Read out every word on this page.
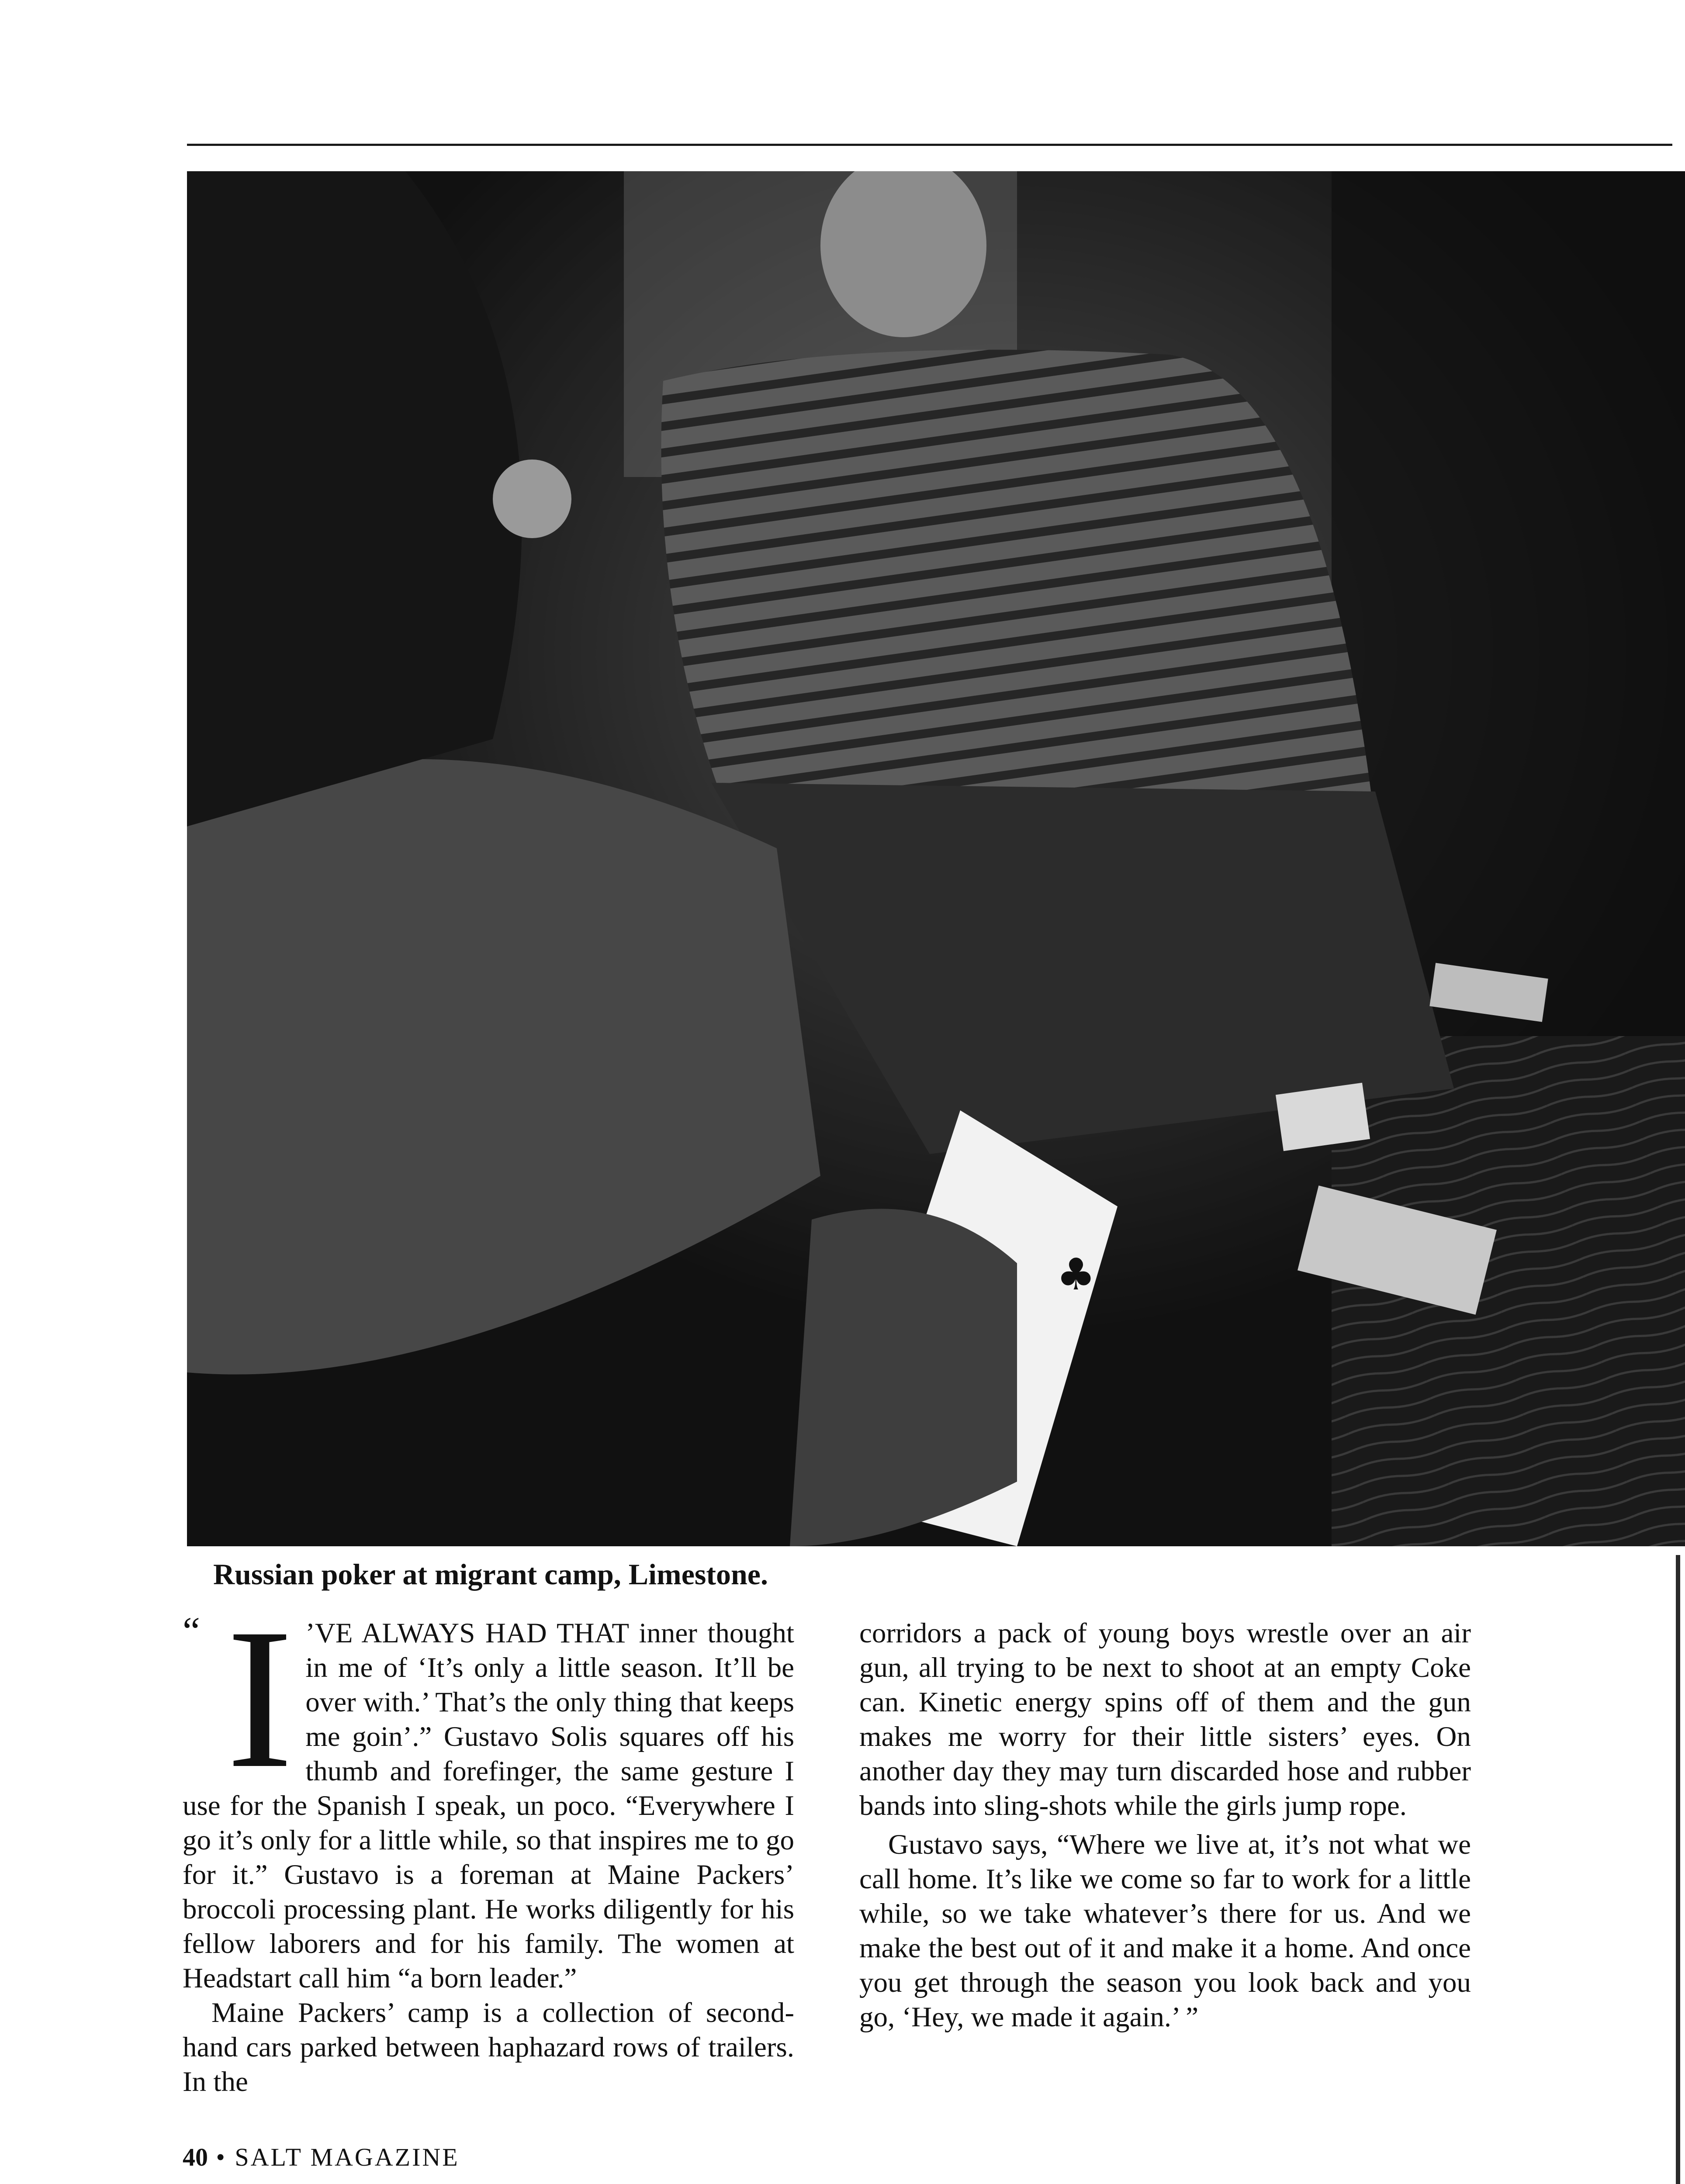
♣
Russian poker at migrant camp, Limestone.
“ I ’VE ALWAYS HAD THAT inner thought in me of ‘It’s only a little season. It’ll be over with.’ That’s the only thing that keeps me goin’.” Gustavo Solis squares off his thumb and forefinger, the same gesture I use for the Spanish I speak, un poco. “Everywhere I go it’s only for a little while, so that inspires me to go for it.” Gustavo is a foreman at Maine Packers’ broccoli processing plant. He works diligently for his fellow laborers and for his family. The women at Headstart call him “a born leader.”

Maine Packers’ camp is a collection of second-hand cars parked between haphazard rows of trailers. In the

corridors a pack of young boys wrestle over an air gun, all trying to be next to shoot at an empty Coke can. Kinetic energy spins off of them and the gun makes me worry for their little sisters’ eyes. On another day they may turn discarded hose and rubber bands into sling-shots while the girls jump rope.

Gustavo says, “Where we live at, it’s not what we call home. It’s like we come so far to work for a little while, so we take whatever’s there for us. And we make the best out of it and make it a home. And once you get through the season you look back and you go, ‘Hey, we made it again.’ ”

40 • SALT MAGAZINE
